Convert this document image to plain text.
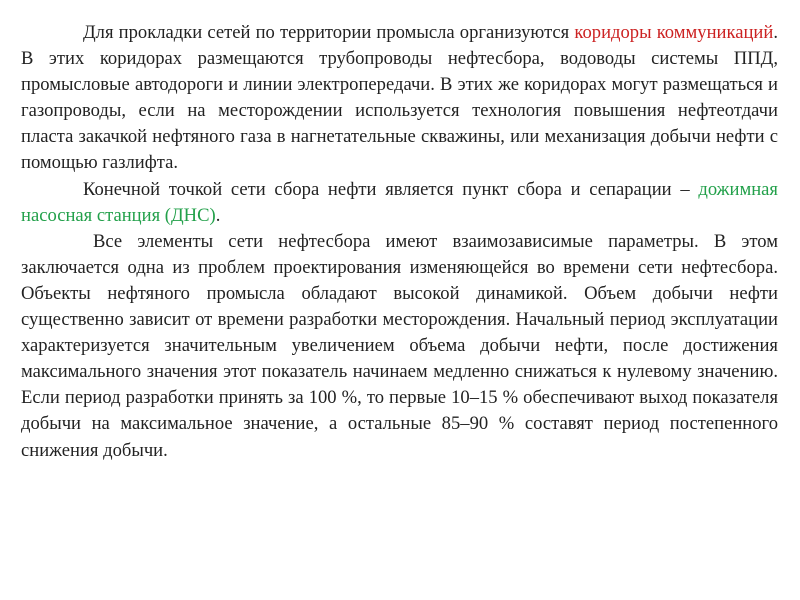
Для прокладки сетей по территории промысла организуются коридоры коммуникаций. В этих коридорах размещаются трубопроводы нефтесбора, водоводы системы ППД, промысловые автодороги и линии электропередачи. В этих же коридорах могут размещаться и газопроводы, если на месторождении используется технология повышения нефтеотдачи пласта закачкой нефтяного газа в нагнетательные скважины, или механизация добычи нефти с помощью газлифта.

Конечной точкой сети сбора нефти является пункт сбора и сепарации – дожимная насосная станция (ДНС).

Все элементы сети нефтесбора имеют взаимозависимые параметры. В этом заключается одна из проблем проектирования изменяющейся во времени сети нефтесбора. Объекты нефтяного промысла обладают высокой динамикой. Объем добычи нефти существенно зависит от времени разработки месторождения. Начальный период эксплуатации характеризуется значительным увеличением объема добычи нефти, после достижения максимального значения этот показатель начинаем медленно снижаться к нулевому значению. Если период разработки принять за 100 %, то первые 10–15 % обеспечивают выход показателя добычи на максимальное значение, а остальные 85–90 % составят период постепенного снижения добычи.
